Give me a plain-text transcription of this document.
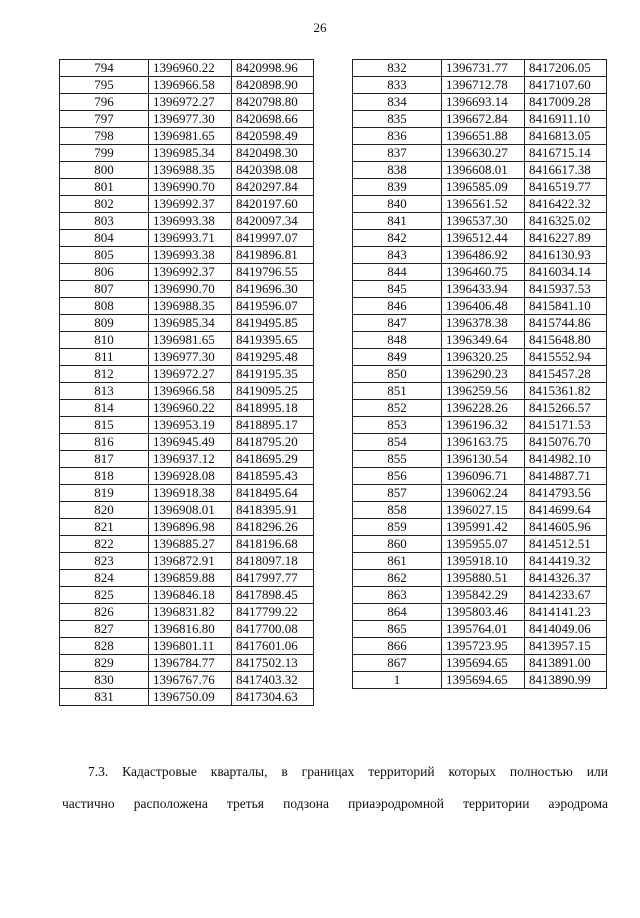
26
794	1396960.22	8420998.96
795	1396966.58	8420898.90
796	1396972.27	8420798.80
797	1396977.30	8420698.66
798	1396981.65	8420598.49
799	1396985.34	8420498.30
800	1396988.35	8420398.08
801	1396990.70	8420297.84
802	1396992.37	8420197.60
803	1396993.38	8420097.34
804	1396993.71	8419997.07
805	1396993.38	8419896.81
806	1396992.37	8419796.55
807	1396990.70	8419696.30
808	1396988.35	8419596.07
809	1396985.34	8419495.85
810	1396981.65	8419395.65
811	1396977.30	8419295.48
812	1396972.27	8419195.35
813	1396966.58	8419095.25
814	1396960.22	8418995.18
815	1396953.19	8418895.17
816	1396945.49	8418795.20
817	1396937.12	8418695.29
818	1396928.08	8418595.43
819	1396918.38	8418495.64
820	1396908.01	8418395.91
821	1396896.98	8418296.26
822	1396885.27	8418196.68
823	1396872.91	8418097.18
824	1396859.88	8417997.77
825	1396846.18	8417898.45
826	1396831.82	8417799.22
827	1396816.80	8417700.08
828	1396801.11	8417601.06
829	1396784.77	8417502.13
830	1396767.76	8417403.32
831	1396750.09	8417304.63
832	1396731.77	8417206.05
833	1396712.78	8417107.60
834	1396693.14	8417009.28
835	1396672.84	8416911.10
836	1396651.88	8416813.05
837	1396630.27	8416715.14
838	1396608.01	8416617.38
839	1396585.09	8416519.77
840	1396561.52	8416422.32
841	1396537.30	8416325.02
842	1396512.44	8416227.89
843	1396486.92	8416130.93
844	1396460.75	8416034.14
845	1396433.94	8415937.53
846	1396406.48	8415841.10
847	1396378.38	8415744.86
848	1396349.64	8415648.80
849	1396320.25	8415552.94
850	1396290.23	8415457.28
851	1396259.56	8415361.82
852	1396228.26	8415266.57
853	1396196.32	8415171.53
854	1396163.75	8415076.70
855	1396130.54	8414982.10
856	1396096.71	8414887.71
857	1396062.24	8414793.56
858	1396027.15	8414699.64
859	1395991.42	8414605.96
860	1395955.07	8414512.51
861	1395918.10	8414419.32
862	1395880.51	8414326.37
863	1395842.29	8414233.67
864	1395803.46	8414141.23
865	1395764.01	8414049.06
866	1395723.95	8413957.15
867	1395694.65	8413891.00
1	1395694.65	8413890.99
7.3. Кадастровые кварталы, в границах территорий которых полностью или
частично расположена третья подзона приаэродромной территории аэродрома
